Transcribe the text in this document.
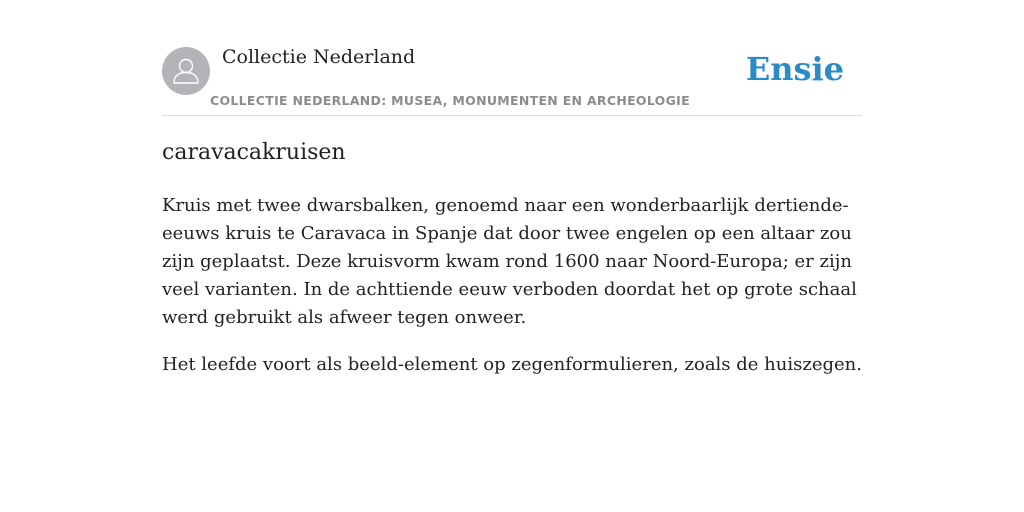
Collectie Nederland
COLLECTIE NEDERLAND: MUSEA, MONUMENTEN EN ARCHEOLOGIE
Ensie
caravacakruisen

Kruis met twee dwarsbalken, genoemd naar een wonderbaarlijk dertiende-eeuws kruis te Caravaca in Spanje dat door twee engelen op een altaar zou zijn geplaatst. Deze kruisvorm kwam rond 1600 naar Noord-Europa; er zijn veel varianten. In de achttiende eeuw verboden doordat het op grote schaal werd gebruikt als afweer tegen onweer.

Het leefde voort als beeld-element op zegenformulieren, zoals de huiszegen.
